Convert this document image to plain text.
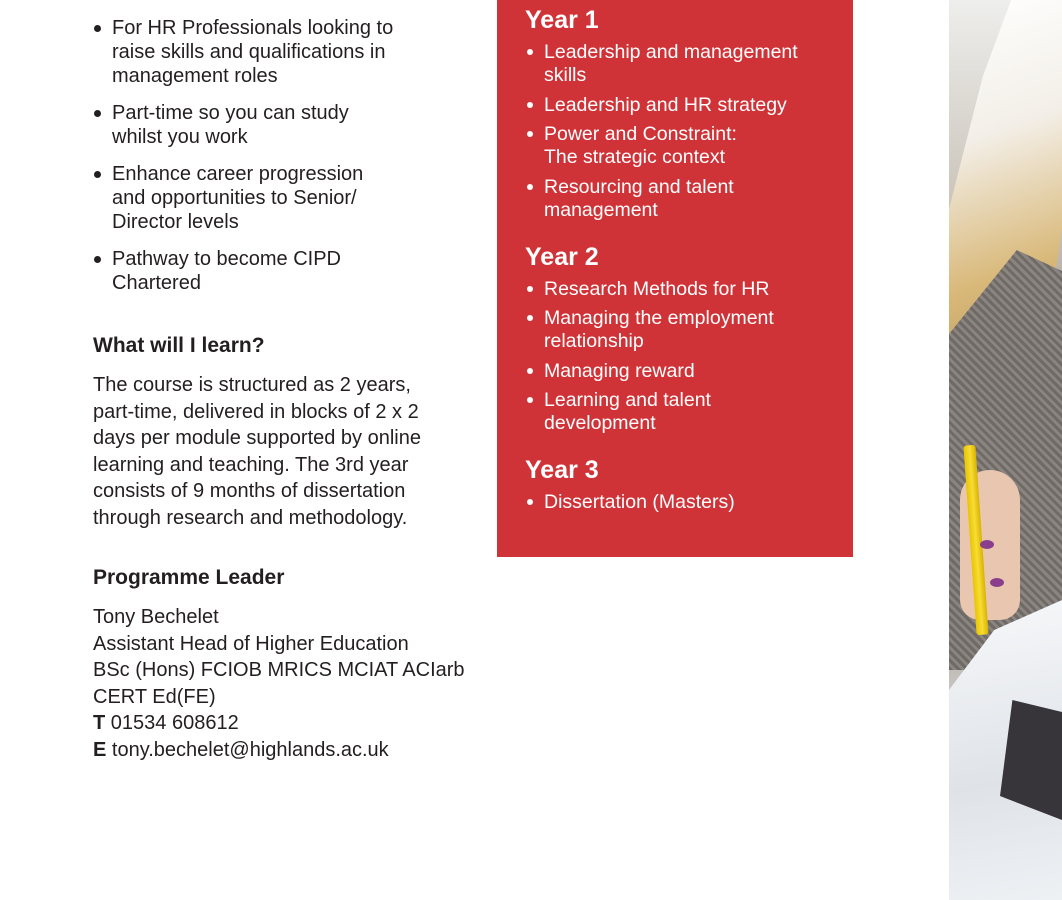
For HR Professionals looking to raise skills and qualifications in management roles
Part-time so you can study whilst you work
Enhance career progression and opportunities to Senior/ Director levels
Pathway to become CIPD Chartered
What will I learn?

The course is structured as 2 years, part-time, delivered in blocks of 2 x 2 days per module supported by online learning and teaching. The 3rd year consists of 9 months of dissertation through research and methodology.

Programme Leader
Tony Bechelet
Assistant Head of Higher Education
BSc (Hons) FCIOB MRICS MCIAT ACIarb
CERT Ed(FE)
T 01534 608612
E tony.bechelet@highlands.ac.uk
Year 1
Leadership and management skills
Leadership and HR strategy
Power and Constraint: The strategic context
Resourcing and talent management
Year 2
Research Methods for HR
Managing the employment relationship
Managing reward
Learning and talent development
Year 3
Dissertation (Masters)
